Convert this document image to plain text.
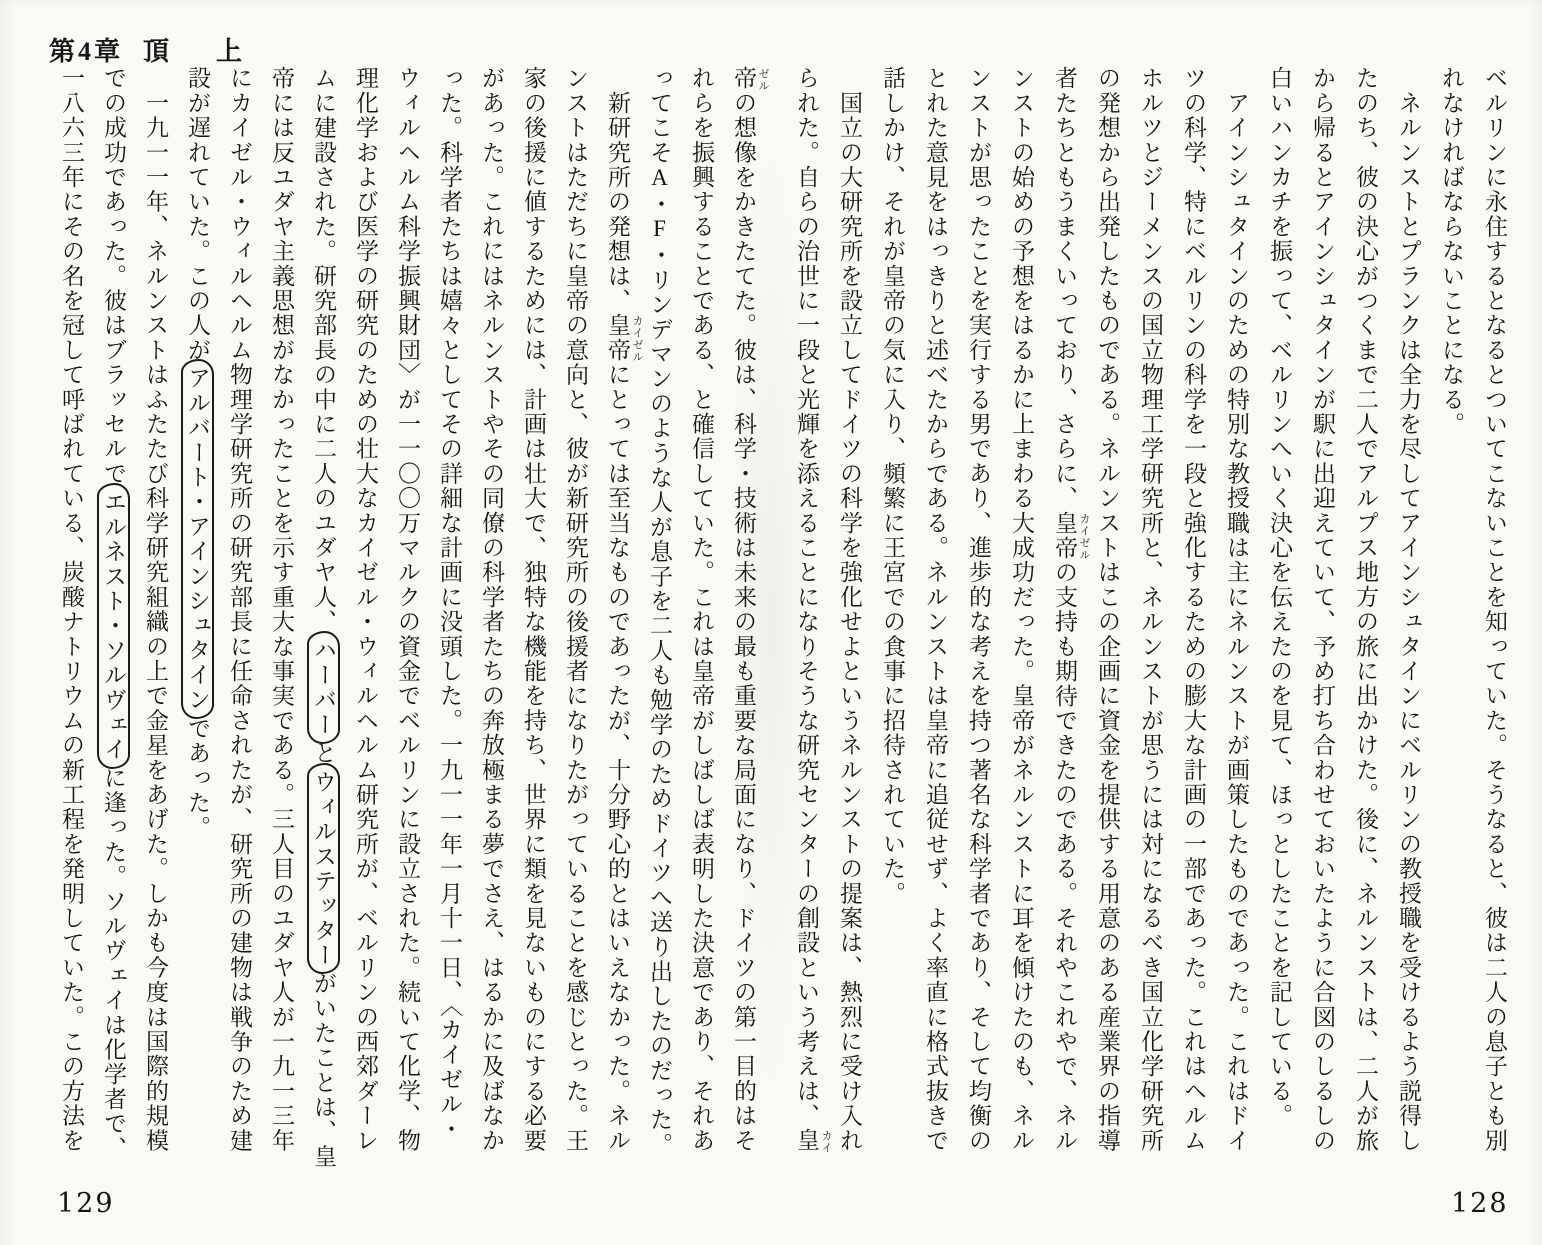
第4章 頂 上
ベルリンに永住するとなるとついてこないことを知っていた。そうなると、彼は二人の息子とも別
れなければならないことになる。
　ネルンストとプランクは全力を尽してアインシュタインにベルリンの教授職を受けるよう説得し
たのち、彼の決心がつくまで二人でアルプス地方の旅に出かけた。後に、ネルンストは、二人が旅
から帰るとアインシュタインが駅に出迎えていて、予め打ち合わせておいたように合図のしるしの
白いハンカチを振って、ベルリンへいく決心を伝えたのを見て、ほっとしたことを記している。
　アインシュタインのための特別な教授職は主にネルンストが画策したものであった。これはドイ
ツの科学、特にベルリンの科学を一段と強化するための膨大な計画の一部であった。これはヘルム
ホルツとジーメンスの国立物理工学研究所と、ネルンストが思うには対になるべき国立化学研究所
の発想から出発したものである。ネルンストはこの企画に資金を提供する用意のある産業界の指導
者たちともうまくいっており、さらに、皇帝 カイゼル
の支持も期待できたのである。それやこれやで、ネル
ンストの始めの予想をはるかに上まわる大成功だった。皇帝がネルンストに耳を傾けたのも、ネル
ンストが思ったことを実行する男であり、進歩的な考えを持つ著名な科学者であり、そして均衡の
とれた意見をはっきりと述べたからである。ネルンストは皇帝に追従せず、よく率直に格式抜きで
話しかけ、それが皇帝の気に入り、頻繁に王宮での食事に招待されていた。
　国立の大研究所を設立してドイツの科学を強化せよというネルンストの提案は、熱烈に受け入れ
られた。自らの治世に一段と光輝を添えることになりそうな研究センターの創設という考えは、皇 カイ
帝 ゼル
の想像をかきたてた。彼は、科学・技術は未来の最も重要な局面になり、ドイツの第一目的はそ
れらを振興することである、と確信していた。これは皇帝がしばしば表明した決意であり、それあ
ってこそA・F・リンデマンのような人が息子を二人も勉学のためドイツへ送り出したのだった。
　新研究所の発想は、皇帝 カイゼル
にとっては至当なものであったが、十分野心的とはいえなかった。ネル
ンストはただちに皇帝の意向と、彼が新研究所の後援者になりたがっていることを感じとった。王
家の後援に値するためには、計画は壮大で、独特な機能を持ち、世界に類を見ないものにする必要
があった。これにはネルンストやその同僚の科学者たちの奔放極まる夢でさえ、はるかに及ばなか
った。科学者たちは嬉々としてその詳細な計画に没頭した。一九一一年一月十一日、〈カイゼル・
ウィルヘルム科学振興財団〉が一一〇〇万マルクの資金でベルリンに設立された。続いて化学、物
理化学および医学の研究のための壮大なカイゼル・ウィルヘルム研究所が、ベルリンの西郊ダーレ
ムに建設された。研究部長の中に二人のユダヤ人、ハーバーとウィルステッターがいたことは、皇
帝には反ユダヤ主義思想がなかったことを示す重大な事実である。三人目のユダヤ人が一九一三年
にカイゼル・ウィルヘルム物理学研究所の研究部長に任命されたが、研究所の建物は戦争のため建
設が遅れていた。この人がアルバート・アインシュタインであった。
　一九一一年、ネルンストはふたたび科学研究組織の上で金星をあげた。しかも今度は国際的規模
での成功であった。彼はブラッセルでエルネスト・ソルヴェイに逢った。ソルヴェイは化学者で、
一八六三年にその名を冠して呼ばれている、炭酸ナトリウムの新工程を発明していた。この方法を
129	128
